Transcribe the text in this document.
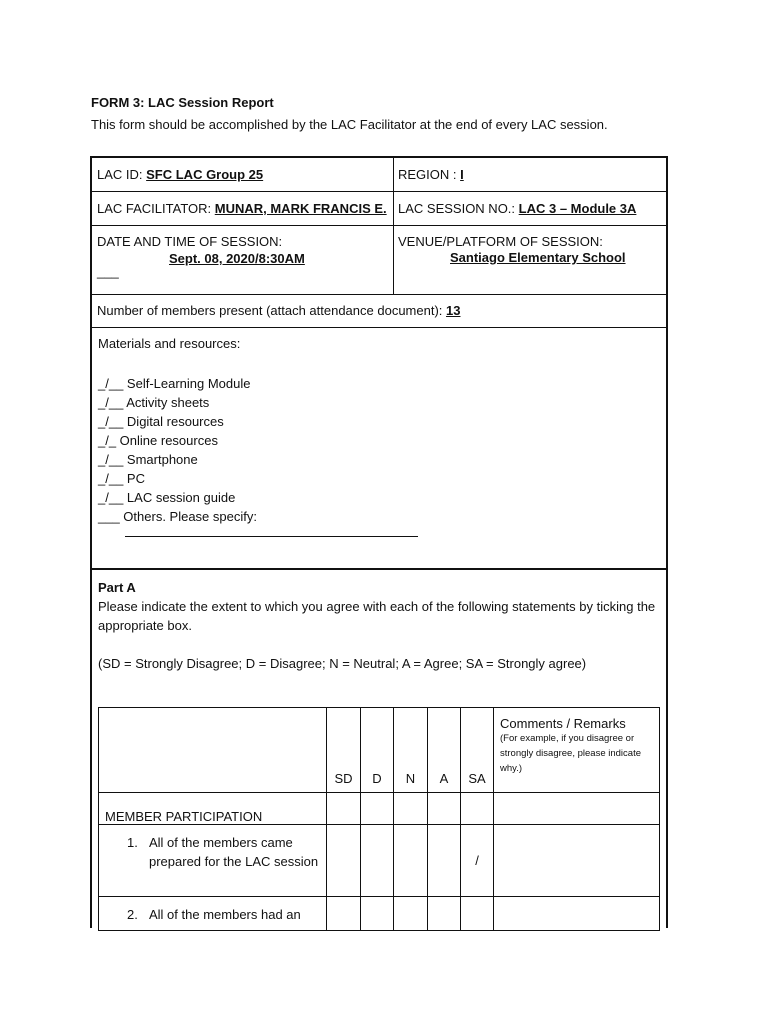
FORM 3: LAC Session Report
This form should be accomplished by the LAC Facilitator at the end of every LAC session.
LAC ID: SFC LAC Group 25	REGION : I
LAC FACILITATOR: MUNAR, MARK FRANCIS E. LAC SESSION NO.: LAC 3 – Module 3A
DATE AND TIME OF SESSION:
Sept. 08, 2020/8:30AM
___
VENUE/PLATFORM OF SESSION:
Santiago Elementary School
Number of members present (attach attendance document): 13
Materials and resources:
_/__ Self-Learning Module
_/__ Activity sheets
_/__ Digital resources
_/_ Online resources
_/__ Smartphone
_/__ PC
_/__ LAC session guide
___ Others. Please specify:
Part A
Please indicate the extent to which you agree with each of the following statements by ticking the appropriate box.
(SD = Strongly Disagree; D = Disagree; N = Neutral; A = Agree; SA = Strongly agree)
	SD	D	N	A	SA	Comments / Remarks
(For example, if you disagree or strongly disagree, please indicate why.)

MEMBER PARTICIPATION						

1. All of the members came prepared for the LAC session					/	

2. All of the members had an						
